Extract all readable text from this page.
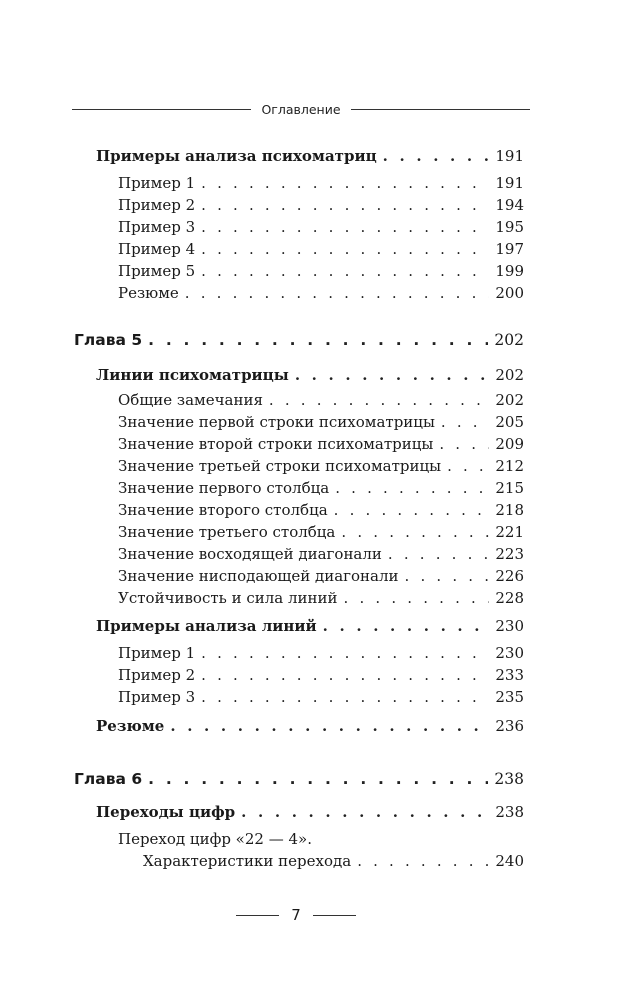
Оглавление
Примеры анализа психоматриц . . .	191
Пример 1 . . .	191
Пример 2 . . .	194
Пример 3 . . .	195
Пример 4 . . .	197
Пример 5 . . .	199
Резюме . . .	200
Глава 5 . . .	202
Линии психоматрицы . . .	202
Общие замечания . . .	202
Значение первой строки психоматрицы . . .	205
Значение второй строки психоматрицы . . .	209
Значение третьей строки психоматрицы . . .	212
Значение первого столбца . . .	215
Значение второго столбца . . .	218
Значение третьего столбца . . .	221
Значение восходящей диагонали . . .	223
Значение нисподающей диагонали . . .	226
Устойчивость и сила линий . . .	228
Примеры анализа линий . . .	230
Пример 1 . . .	230
Пример 2 . . .	233
Пример 3 . . .	235
Резюме . . .	236
Глава 6 . . .	238
Переходы цифр . . .	238
Переход цифр «22 — 4».
Характеристики перехода . . .	240
7
